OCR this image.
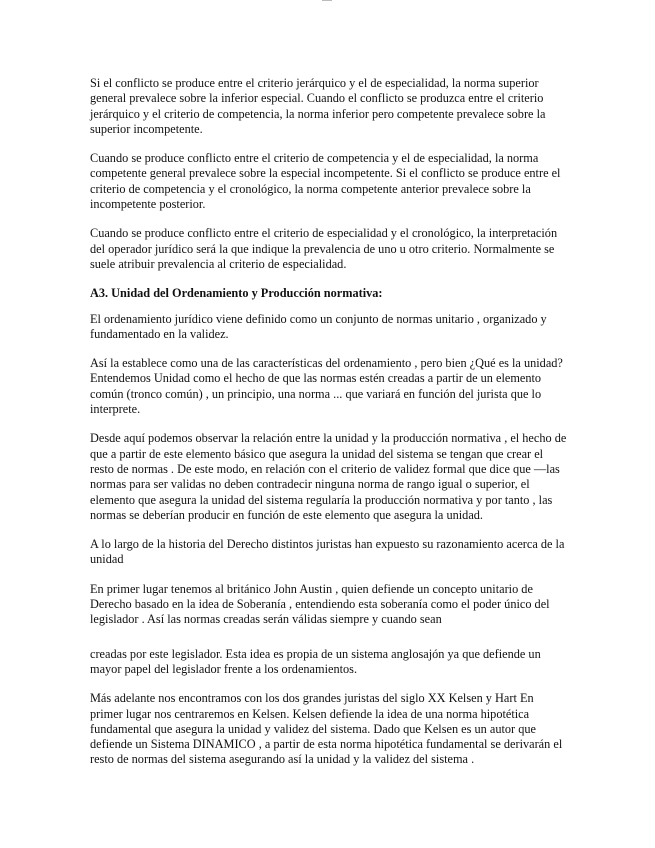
Si el conflicto se produce entre el criterio jerárquico y el de especialidad, la norma superior general prevalece sobre la inferior especial. Cuando el conflicto se produzca entre el criterio jerárquico y el criterio de competencia, la norma inferior pero competente prevalece sobre la superior incompetente.

Cuando se produce conflicto entre el criterio de competencia y el de especialidad, la norma competente general prevalece sobre la especial incompetente. Si el conflicto se produce entre el criterio de competencia y el cronológico, la norma competente anterior prevalece sobre la incompetente posterior.

Cuando se produce conflicto entre el criterio de especialidad y el cronológico, la interpretación del operador jurídico será la que indique la prevalencia de uno u otro criterio. Normalmente se suele atribuir prevalencia al criterio de especialidad.

A3. Unidad del Ordenamiento y Producción normativa:

El ordenamiento jurídico viene definido como un conjunto de normas unitario , organizado y fundamentado en la validez.

Así la establece como una de las características del ordenamiento , pero bien ¿Qué es la unidad? Entendemos Unidad como el hecho de que las normas estén creadas a partir de un elemento común (tronco común) , un principio, una norma ... que variará en función del jurista que lo interprete.

Desde aquí podemos observar la relación entre la unidad y la producción normativa , el hecho de que a partir de este elemento básico que asegura la unidad del sistema se tengan que crear el resto de normas . De este modo, en relación con el criterio de validez formal que dice que —las normas para ser validas no deben contradecir ninguna norma de rango igual o superior, el elemento que asegura la unidad del sistema regularía la producción normativa y por tanto , las normas se deberían producir en función de este elemento que asegura la unidad.

A lo largo de la historia del Derecho distintos juristas han expuesto su razonamiento acerca de la unidad

En primer lugar tenemos al británico John Austin , quien defiende un concepto unitario de Derecho basado en la idea de Soberanía , entendiendo esta soberanía como el poder único del legislador . Así las normas creadas serán válidas siempre y cuando sean

creadas por este legislador. Esta idea es propia de un sistema anglosajón ya que defiende un mayor papel del legislador frente a los ordenamientos.

Más adelante nos encontramos con los dos grandes juristas del siglo XX Kelsen y Hart En primer lugar nos centraremos en Kelsen. Kelsen defiende la idea de una norma hipotética fundamental que asegura la unidad y validez del sistema. Dado que Kelsen es un autor que defiende un Sistema DINAMICO , a partir de esta norma hipotética fundamental se derivarán el resto de normas del sistema asegurando así la unidad y la validez del sistema .
